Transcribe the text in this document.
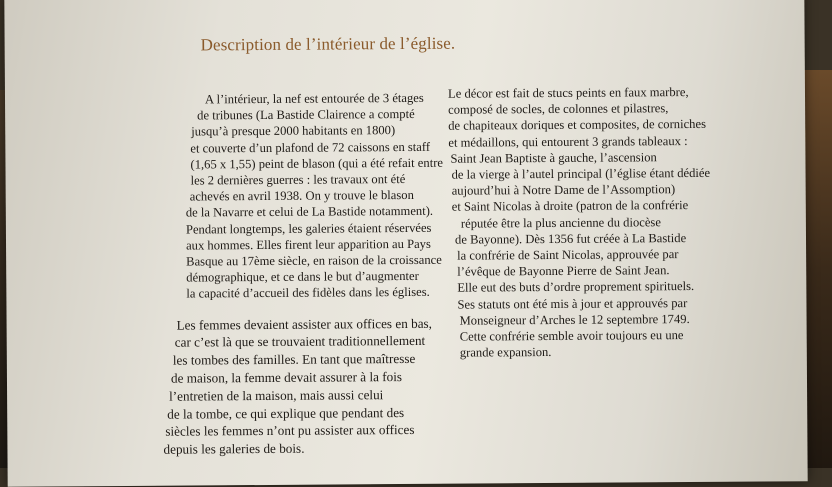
Description de l’intérieur de l’église.

A l’intérieur, la nef est entourée de 3 étages
de tribunes (La Bastide Clairence a compté
jusqu’à presque 2000 habitants en 1800)
et couverte d’un plafond de 72 caissons en staff
(1,65 x 1,55) peint de blason (qui a été refait entre
les 2 dernières guerres : les travaux ont été
achevés en avril 1938. On y trouve le blason
de la Navarre et celui de La Bastide notamment).
Pendant longtemps, les galeries étaient réservées
aux hommes. Elles firent leur apparition au Pays
Basque au 17ème siècle, en raison de la croissance
démographique, et ce dans le but d’augmenter
la capacité d’accueil des fidèles dans les églises.

Les femmes devaient assister aux offices en bas,
car c’est là que se trouvaient traditionnellement
les tombes des familles. En tant que maîtresse
de maison, la femme devait assurer à la fois
l’entretien de la maison, mais aussi celui
de la tombe, ce qui explique que pendant des
siècles les femmes n’ont pu assister aux offices
depuis les galeries de bois.

Le décor est fait de stucs peints en faux marbre,
composé de socles, de colonnes et pilastres,
de chapiteaux doriques et composites, de corniches
et médaillons, qui entourent 3 grands tableaux :
Saint Jean Baptiste à gauche, l’ascension
de la vierge à l’autel principal (l’église étant dédiée
aujourd’hui à Notre Dame de l’Assomption)
et Saint Nicolas à droite (patron de la confrérie
réputée être la plus ancienne du diocèse
de Bayonne). Dès 1356 fut créée à La Bastide
la confrérie de Saint Nicolas, approuvée par
l’évêque de Bayonne Pierre de Saint Jean.
Elle eut des buts d’ordre proprement spirituels.
Ses statuts ont été mis à jour et approuvés par
Monseigneur d’Arches le 12 septembre 1749.
Cette confrérie semble avoir toujours eu une
grande expansion.
